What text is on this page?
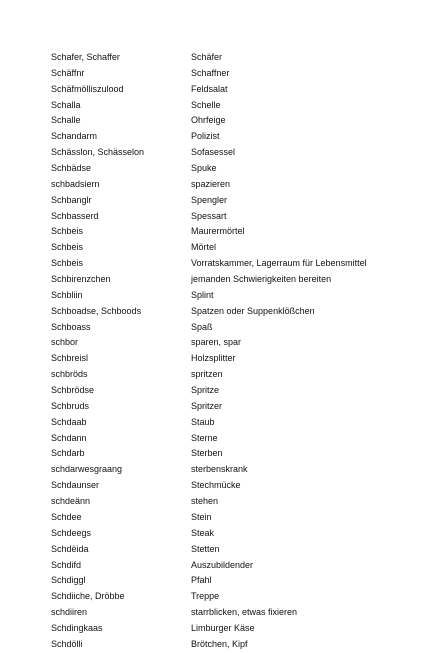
Schafer, Schaffer	Schäfer
Schäffnr	Schaffner
Schäfmölliszulood	Feldsalat
Schalla	Schelle
Schalle	Ohrfeige
Schandarm	Polizist
Schässlon, Schässelon	Sofasessel
Schbädse	Spuke
schbadsiern	spazieren
Schbanglr	Spengler
Schbasserd	Spessart
Schbeis	Maurermörtel
Schbeis	Mörtel
Schbeis	Vorratskammer, Lagerraum für Lebensmittel
Schbirenzchen	jemanden Schwierigkeiten bereiten
Schbliin	Splint
Schboadse, Schboods	Spatzen oder Suppenklößchen
Schboass	Spaß
schbor	sparen, spar
Schbreisl	Holzsplitter
schbröds	spritzen
Schbrödse	Spritze
Schbruds	Spritzer
Schdaab	Staub
Schdann	Sterne
Schdarb	Sterben
schdarwesgraang	sterbenskrank
Schdaunser	Stechmücke
schdeänn	stehen
Schdee	Stein
Schdeegs	Steak
Schdëida	Stetten
Schdifd	Auszubildender
Schdiggl	Pfahl
Schdiiche, Dröbbe	Treppe
schdiiren	starrblicken, etwas fixieren
Schdingkaas	Limburger Käse
Schdölli	Brötchen, Kipf
